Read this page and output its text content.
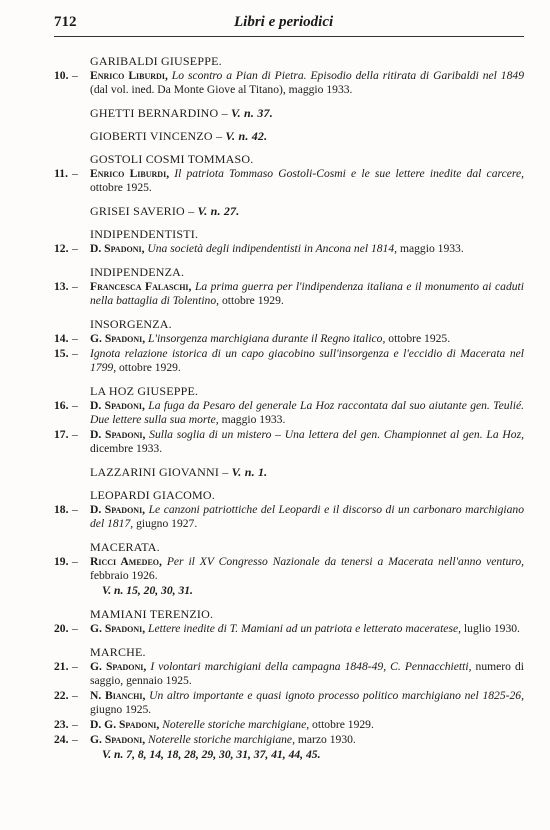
712	Libri e periodici
GARIBALDI GIUSEPPE.
10. – Enrico Liburdi, Lo scontro a Pian di Pietra. Episodio della ritirata di Garibaldi nel 1849 (dal vol. ined. Da Monte Giove al Titano), maggio 1933.
GHETTI BERNARDINO – V. n. 37.
GIOBERTI VINCENZO – V. n. 42.
GOSTOLI COSMI TOMMASO.
11. – Enrico Liburdi, Il patriota Tommaso Gostoli-Cosmi e le sue lettere inedite dal carcere, ottobre 1925.
GRISEI SAVERIO – V. n. 27.
INDIPENDENTISTI.
12. – D. Spadoni, Una società degli indipendentisti in Ancona nel 1814, maggio 1933.
INDIPENDENZA.
13. – Francesca Falaschi, La prima guerra per l'indipendenza italiana e il monumento ai caduti nella battaglia di Tolentino, ottobre 1929.
INSORGENZA.
14. – G. Spadoni, L'insorgenza marchigiana durante il Regno italico, ottobre 1925.
15. – Ignota relazione istorica di un capo giacobino sull'insorgenza e l'eccidio di Macerata nel 1799, ottobre 1929.
LA HOZ GIUSEPPE.
16. – D. Spadoni, La fuga da Pesaro del generale La Hoz raccontata dal suo aiutante gen. Teulié. Due lettere sulla sua morte, maggio 1933.
17. – D. Spadoni, Sulla soglia di un mistero – Una lettera del gen. Championnet al gen. La Hoz, dicembre 1933.
LAZZARINI GIOVANNI – V. n. 1.
LEOPARDI GIACOMO.
18. – D. Spadoni, Le canzoni patriottiche del Leopardi e il discorso di un carbonaro marchigiano del 1817, giugno 1927.
MACERATA.
19. – Ricci Amedeo, Per il XV Congresso Nazionale da tenersi a Macerata nell'anno venturo, febbraio 1926.
V. n. 15, 20, 30, 31.
MAMIANI TERENZIO.
20. – G. Spadoni, Lettere inedite di T. Mamiani ad un patriota e letterato maceratese, luglio 1930.
MARCHE.
21. – G. Spadoni, I volontari marchigiani della campagna 1848-49, C. Pennacchietti, numero di saggio, gennaio 1925.
22. – N. Bianchi, Un altro importante e quasi ignoto processo politico marchigiano nel 1825-26, giugno 1925.
23. – D. G. Spadoni, Noterelle storiche marchigiane, ottobre 1929.
24. – G. Spadoni, Noterelle storiche marchigiane, marzo 1930.
V. n. 7, 8, 14, 18, 28, 29, 30, 31, 37, 41, 44, 45.
